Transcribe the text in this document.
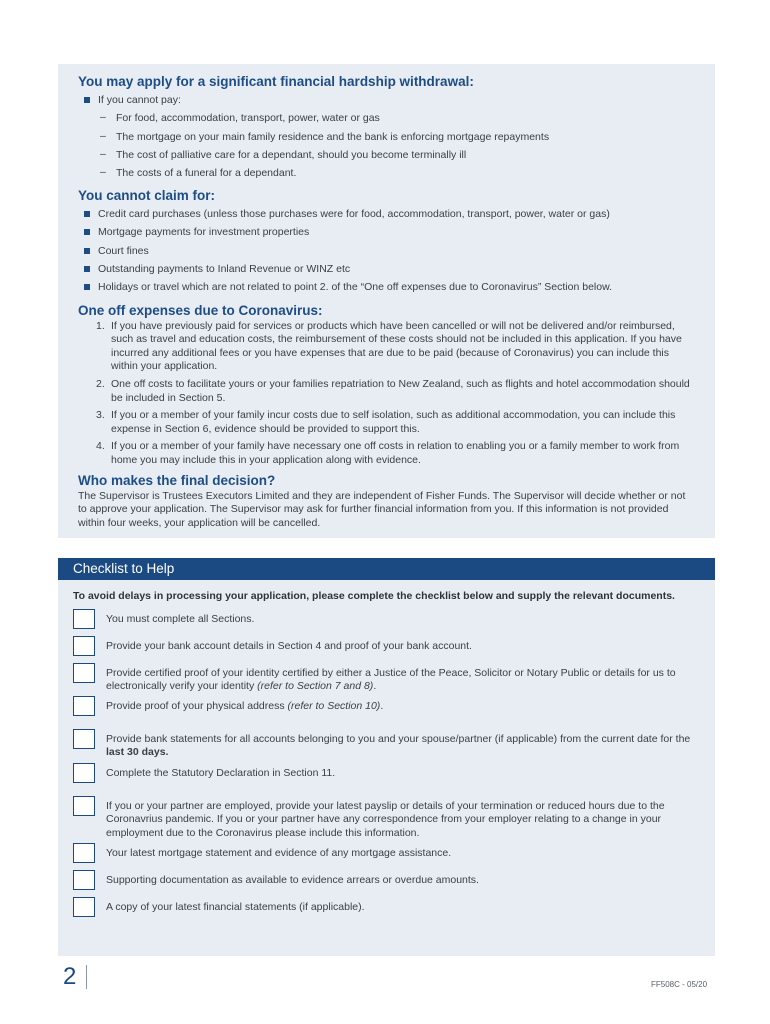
You may apply for a significant financial hardship withdrawal:
If you cannot pay:
– For food, accommodation, transport, power, water or gas
– The mortgage on your main family residence and the bank is enforcing mortgage repayments
– The cost of palliative care for a dependant, should you become terminally ill
– The costs of a funeral for a dependant.
You cannot claim for:
Credit card purchases (unless those purchases were for food, accommodation, transport, power, water or gas)
Mortgage payments for investment properties
Court fines
Outstanding payments to Inland Revenue or WINZ etc
Holidays or travel which are not related to point 2. of the “One off expenses due to Coronavirus” Section below.
One off expenses due to Coronavirus:
1. If you have previously paid for services or products which have been cancelled or will not be delivered and/or reimbursed, such as travel and education costs, the reimbursement of these costs should not be included in this application. If you have incurred any additional fees or you have expenses that are due to be paid (because of Coronavirus) you can include this within your application.
2. One off costs to facilitate yours or your families repatriation to New Zealand, such as flights and hotel accommodation should be included in Section 5.
3. If you or a member of your family incur costs due to self isolation, such as additional accommodation, you can include this expense in Section 6, evidence should be provided to support this.
4. If you or a member of your family have necessary one off costs in relation to enabling you or a family member to work from home you may include this in your application along with evidence.
Who makes the final decision?

The Supervisor is Trustees Executors Limited and they are independent of Fisher Funds. The Supervisor will decide whether or not to approve your application. The Supervisor may ask for further financial information from you. If this information is not provided within four weeks, your application will be cancelled.

Checklist to Help

To avoid delays in processing your application, please complete the checklist below and supply the relevant documents.

You must complete all Sections.
Provide your bank account details in Section 4 and proof of your bank account.
Provide certified proof of your identity certified by either a Justice of the Peace, Solicitor or Notary Public or details for us to electronically verify your identity (refer to Section 7 and 8).
Provide proof of your physical address (refer to Section 10).
Provide bank statements for all accounts belonging to you and your spouse/partner (if applicable) from the current date for the last 30 days.
Complete the Statutory Declaration in Section 11.
If you or your partner are employed, provide your latest payslip or details of your termination or reduced hours due to the Coronavrius pandemic. If you or your partner have any correspondence from your employer relating to a change in your employment due to the Coronavirus please include this information.
Your latest mortgage statement and evidence of any mortgage assistance.
Supporting documentation as available to evidence arrears or overdue amounts.
A copy of your latest financial statements (if applicable).
2	FF508C - 05/20
